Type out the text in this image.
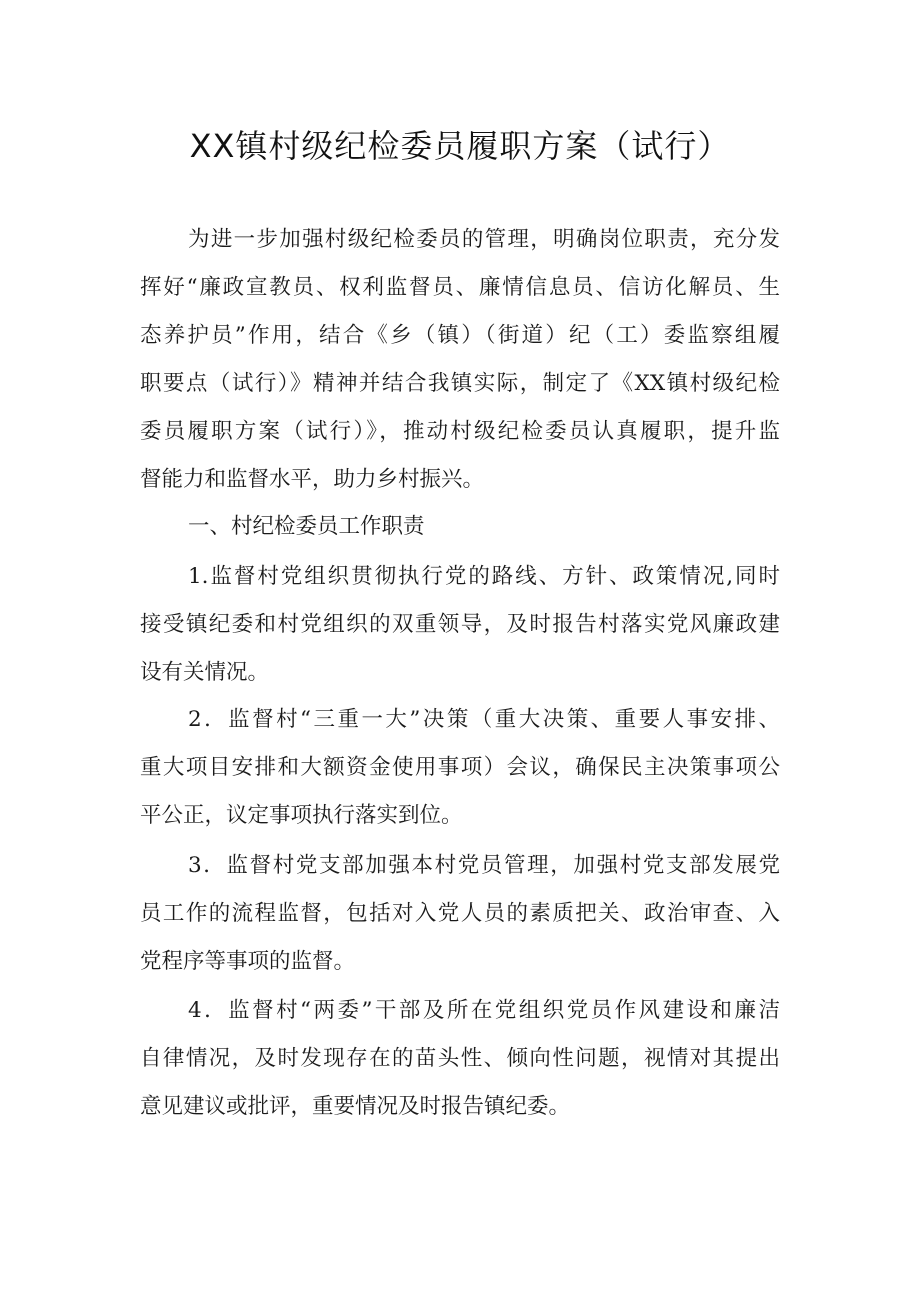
XX镇村级纪检委员履职方案（试行）
为进一步加强村级纪检委员的管理，明确岗位职责，充分发
挥好“廉政宣教员、权利监督员、廉情信息员、信访化解员、生
态养护员”作用，结合《乡（镇）（街道）纪（工）委监察组履
职要点（试行）》精神并结合我镇实际，制定了《XX镇村级纪检
委员履职方案（试行）》，推动村级纪检委员认真履职，提升监
督能力和监督水平，助力乡村振兴。
一、村纪检委员工作职责
1.监督村党组织贯彻执行党的路线、方针、政策情况,同时
接受镇纪委和村党组织的双重领导，及时报告村落实党风廉政建
设有关情况。
2．监督村“三重一大”决策（重大决策、重要人事安排、
重大项目安排和大额资金使用事项）会议，确保民主决策事项公
平公正，议定事项执行落实到位。
3．监督村党支部加强本村党员管理，加强村党支部发展党
员工作的流程监督，包括对入党人员的素质把关、政治审查、入
党程序等事项的监督。
4．监督村“两委”干部及所在党组织党员作风建设和廉洁
自律情况，及时发现存在的苗头性、倾向性问题，视情对其提出
意见建议或批评，重要情况及时报告镇纪委。
